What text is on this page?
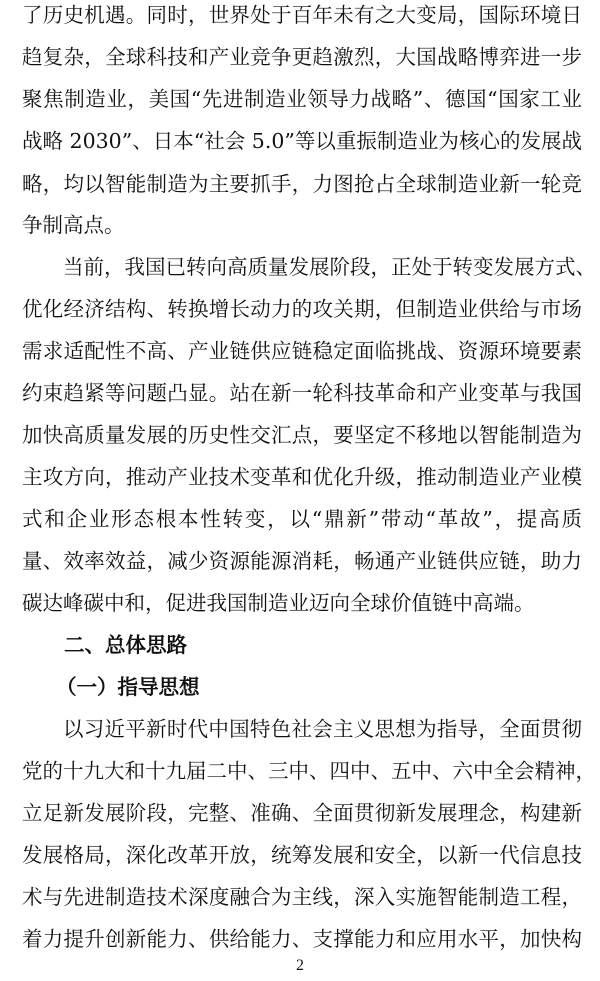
了历史机遇。同时，世界处于百年未有之大变局，国际环境日
趋复杂，全球科技和产业竞争更趋激烈，大国战略博弈进一步
聚焦制造业，美国“先进制造业领导力战略”、德国“国家工业
战略 2030”、日本“社会 5.0”等以重振制造业为核心的发展战
略，均以智能制造为主要抓手，力图抢占全球制造业新一轮竞
争制高点。
当前，我国已转向高质量发展阶段，正处于转变发展方式、
优化经济结构、转换增长动力的攻关期，但制造业供给与市场
需求适配性不高、产业链供应链稳定面临挑战、资源环境要素
约束趋紧等问题凸显。站在新一轮科技革命和产业变革与我国
加快高质量发展的历史性交汇点，要坚定不移地以智能制造为
主攻方向，推动产业技术变革和优化升级，推动制造业产业模
式和企业形态根本性转变，以“鼎新”带动“革故”，提高质
量、效率效益，减少资源能源消耗，畅通产业链供应链，助力
碳达峰碳中和，促进我国制造业迈向全球价值链中高端。
二、总体思路
（一）指导思想
以习近平新时代中国特色社会主义思想为指导，全面贯彻
党的十九大和十九届二中、三中、四中、五中、六中全会精神，
立足新发展阶段，完整、准确、全面贯彻新发展理念，构建新
发展格局，深化改革开放，统筹发展和安全，以新一代信息技
术与先进制造技术深度融合为主线，深入实施智能制造工程，
着力提升创新能力、供给能力、支撑能力和应用水平，加快构
2
